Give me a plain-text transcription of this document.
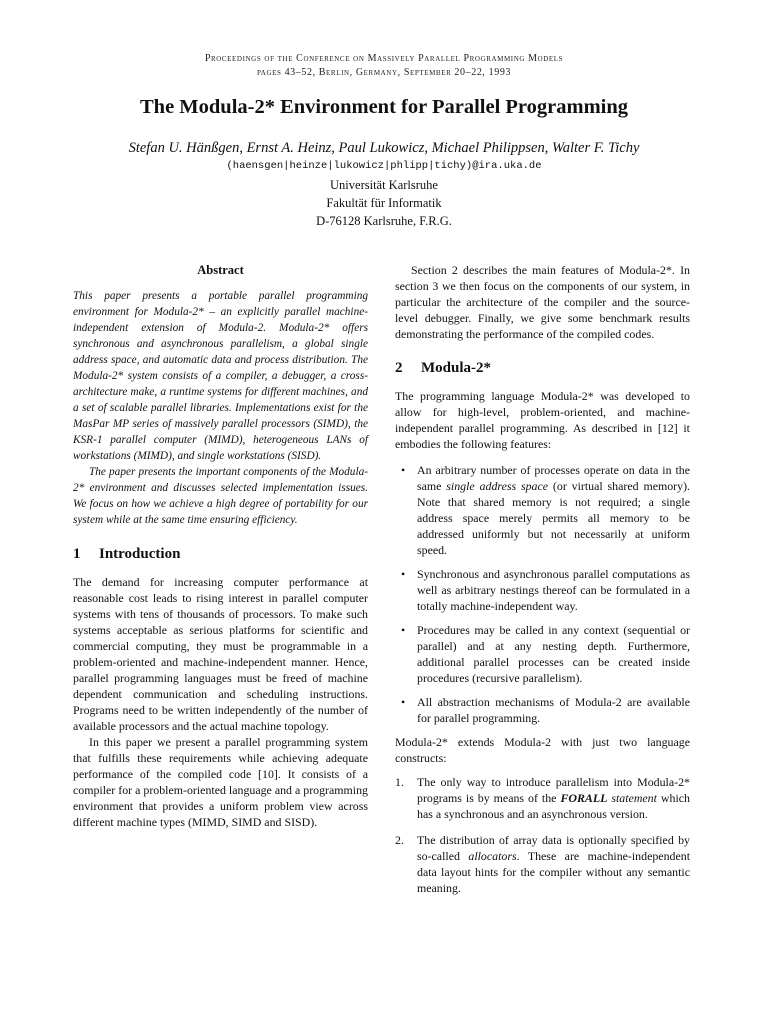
Proceedings of the Conference on Massively Parallel Programming Models
pages 43–52, Berlin, Germany, September 20–22, 1993
The Modula-2* Environment for Parallel Programming
Stefan U. Hänßgen, Ernst A. Heinz, Paul Lukowicz, Michael Philippsen, Walter F. Tichy
(haensgen|heinze|lukowicz|phlipp|tichy)@ira.uka.de
Universität Karlsruhe
Fakultät für Informatik
D-76128 Karlsruhe, F.R.G.
Abstract

This paper presents a portable parallel programming environment for Modula-2* – an explicitly parallel machine-independent extension of Modula-2. Modula-2* offers synchronous and asynchronous parallelism, a global single address space, and automatic data and process distribution. The Modula-2* system consists of a compiler, a debugger, a cross-architecture make, a runtime systems for different machines, and a set of scalable parallel libraries. Implementations exist for the MasPar MP series of massively parallel processors (SIMD), the KSR-1 parallel computer (MIMD), heterogeneous LANs of workstations (MIMD), and single workstations (SISD).

The paper presents the important components of the Modula-2* environment and discusses selected implementation issues. We focus on how we achieve a high degree of portability for our system while at the same time ensuring efficiency.

1	Introduction

The demand for increasing computer performance at reasonable cost leads to rising interest in parallel computer systems with tens of thousands of processors. To make such systems acceptable as serious platforms for scientific and commercial computing, they must be programmable in a problem-oriented and machine-independent manner. Hence, parallel programming languages must be freed of machine dependent communication and scheduling instructions. Programs need to be written independently of the number of available processors and the actual machine topology.

In this paper we present a parallel programming system that fulfills these requirements while achieving adequate performance of the compiled code [10]. It consists of a compiler for a problem-oriented language and a programming environment that provides a uniform problem view across different machine types (MIMD, SIMD and SISD).

Section 2 describes the main features of Modula-2*. In section 3 we then focus on the components of our system, in particular the architecture of the compiler and the source-level debugger. Finally, we give some benchmark results demonstrating the performance of the compiled codes.

2	Modula-2*

The programming language Modula-2* was developed to allow for high-level, problem-oriented, and machine-independent parallel programming. As described in [12] it embodies the following features:

• An arbitrary number of processes operate on data in the same single address space (or virtual shared memory). Note that shared memory is not required; a single address space merely permits all memory to be addressed uniformly but not necessarily at uniform speed.
• Synchronous and asynchronous parallel computations as well as arbitrary nestings thereof can be formulated in a totally machine-independent way.
• Procedures may be called in any context (sequential or parallel) and at any nesting depth. Furthermore, additional parallel processes can be created inside procedures (recursive parallelism).
• All abstraction mechanisms of Modula-2 are available for parallel programming.

Modula-2* extends Modula-2 with just two language constructs:

1. The only way to introduce parallelism into Modula-2* programs is by means of the FORALL statement which has a synchronous and an asynchronous version.
2. The distribution of array data is optionally specified by so-called allocators. These are machine-independent data layout hints for the compiler without any semantic meaning.
